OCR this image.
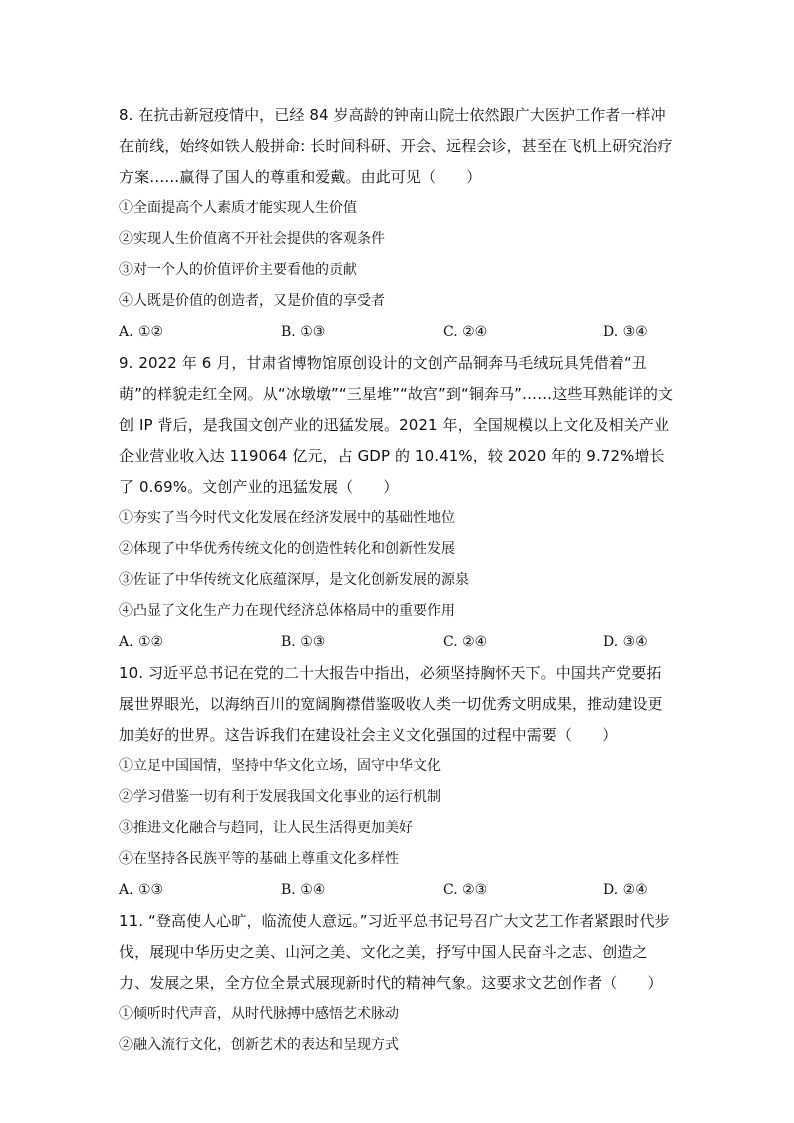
8. 在抗击新冠疫情中，已经 84 岁高龄的钟南山院士依然跟广大医护工作者一样冲在前线，始终如铁人般拼命: 长时间科研、开会、远程会诊，甚至在飞机上研究治疗方案……赢得了国人的尊重和爱戴。由此可见（　　）
①全面提高个人素质才能实现人生价值
②实现人生价值离不开社会提供的客观条件
③对一个人的价值评价主要看他的贡献
④人既是价值的创造者，又是价值的享受者
A. ①②	B. ①③	C. ②④	D. ③④
9. 2022 年 6 月，甘肃省博物馆原创设计的文创产品铜奔马毛绒玩具凭借着“丑萌”的样貌走红全网。从“冰墩墩”“三星堆”“故宫”到“铜奔马”……这些耳熟能详的文创 IP 背后，是我国文创产业的迅猛发展。2021 年，全国规模以上文化及相关产业企业营业收入达 119064 亿元，占 GDP 的 10.41%，较 2020 年的 9.72%增长了 0.69%。文创产业的迅猛发展（　　）
①夯实了当今时代文化发展在经济发展中的基础性地位
②体现了中华优秀传统文化的创造性转化和创新性发展
③佐证了中华传统文化底蕴深厚，是文化创新发展的源泉
④凸显了文化生产力在现代经济总体格局中的重要作用
A. ①②	B. ①③	C. ②④	D. ③④
10. 习近平总书记在党的二十大报告中指出，必须坚持胸怀天下。中国共产党要拓展世界眼光，以海纳百川的宽阔胸襟借鉴吸收人类一切优秀文明成果，推动建设更加美好的世界。这告诉我们在建设社会主义文化强国的过程中需要（　　）
①立足中国国情，坚持中华文化立场，固守中华文化
②学习借鉴一切有利于发展我国文化事业的运行机制
③推进文化融合与趋同，让人民生活得更加美好
④在坚持各民族平等的基础上尊重文化多样性
A. ①③	B. ①④	C. ②③	D. ②④
11. “登高使人心旷，临流使人意远。”习近平总书记号召广大文艺工作者紧跟时代步伐，展现中华历史之美、山河之美、文化之美，抒写中国人民奋斗之志、创造之力、发展之果，全方位全景式展现新时代的精神气象。这要求文艺创作者（　　）
①倾听时代声音，从时代脉搏中感悟艺术脉动
②融入流行文化，创新艺术的表达和呈现方式
